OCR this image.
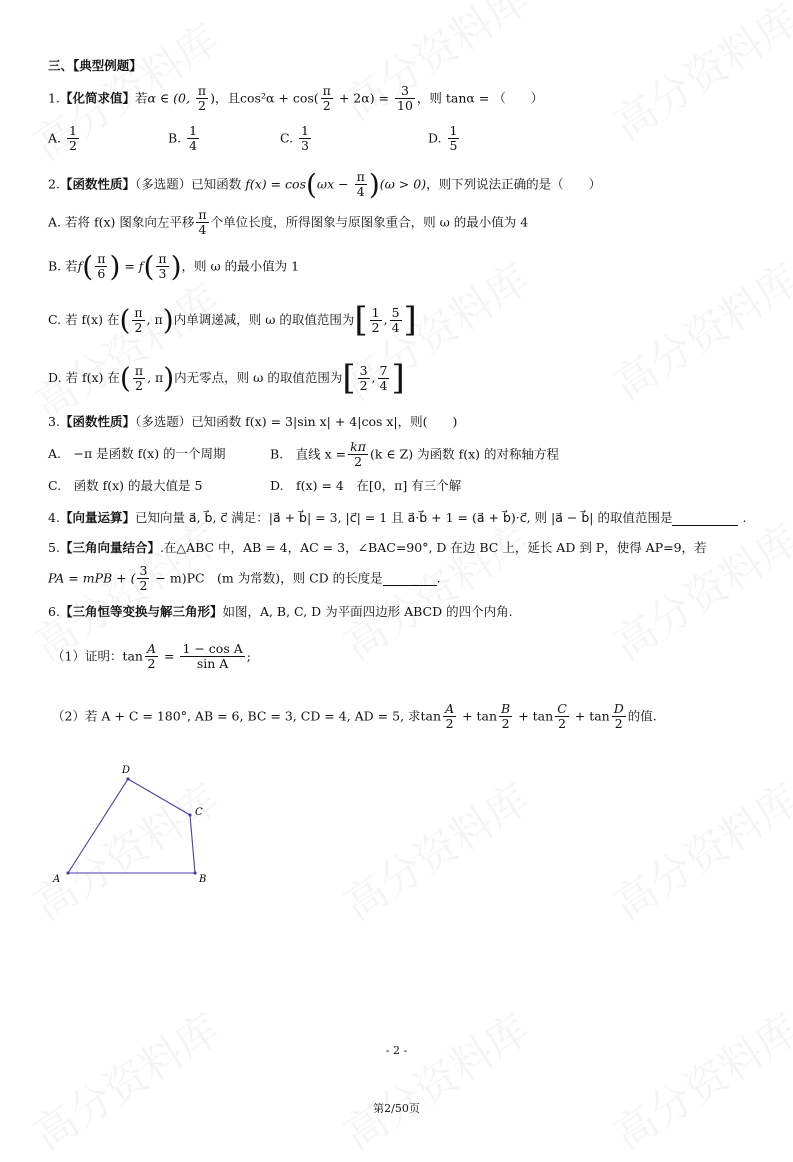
三、【典型例题】
1.【化简求值】若α ∈ (0, $\frac{\pi}{2}$ )，且$\cos^2\alpha + \cos( \frac{\pi}{2} + 2\alpha) = \frac{3}{10}$ ，则 tanα = （　　）
A. $\frac{1}{2}$	B. $\frac{1}{4}$	C. $\frac{1}{3}$	D. $\frac{1}{5}$
2.【函数性质】（多选题）已知函数 $f(x) = \cos(\omega x - \frac{\pi}{4} )(\omega > 0)$，则下列说法正确的是（　　）
A. 若将 f(x) 图象向左平移 $\frac{\pi}{4}$ 个单位长度，所得图象与原图象重合，则 ω 的最小值为 4
B. 若$f( \frac{\pi}{6}$ ) = $f( \frac{\pi}{3}$ )，则 ω 的最小值为 1
C. 若 f(x) 在( $\frac{\pi}{2}$ , π)内单调递减，则 ω 的取值范围为[ $\frac{1}{2}$ , $\frac{5}{4}$ ]
D. 若 f(x) 在( $\frac{\pi}{2}$ , π)内无零点，则 ω 的取值范围为[ $\frac{3}{2}$ , $\frac{7}{4}$ ]
3.【函数性质】（多选题）已知函数 f(x) = 3|sin x| + 4|cos x|，则(　　)
A.　−π 是函数 f(x) 的一个周期	B.　直线 $x = \frac{k\pi}{2} (k$ ∈ Z) 为函数 f(x) 的对称轴方程
C.　函数 f(x) 的最大值是 5	D.　f(x) = 4　在[0，π] 有三个解
4.【向量运算】已知向量 a⃗, b⃗, c⃗ 满足：|a⃗ + b⃗| = 3, |c⃗| = 1 且 a⃗·b⃗ + 1 = (a⃗ + b⃗)·c⃗, 则 |a⃗ − b⃗| 的取值范围是	.
5.【三角向量结合】.在△ABC 中，AB = 4，AC = 3，∠BAC=90°, D 在边 BC 上，延长 AD 到 P，使得 AP=9，若
PA = mPB + ( $\frac{3}{2} - m)PC$　(m 为常数)，则 CD 的长度是	.
6.【三角恒等变换与解三角形】如图，A, B, C, D 为平面四边形 ABCD 的四个内角.
（1）证明：$\tan \frac{A}{2} = \frac{\text{1 − cos A}}{\text{sin A}}$ ;
（2）若 A + C = 180°, AB = 6, BC = 3, CD = 4, AD = 5, 求$\tan \frac{A}{2} + \tan \frac{B}{2} + \tan \frac{C}{2} + \tan \frac{D}{2}$ 的值.
A
D
C
B
- 2 -
第2/50页
